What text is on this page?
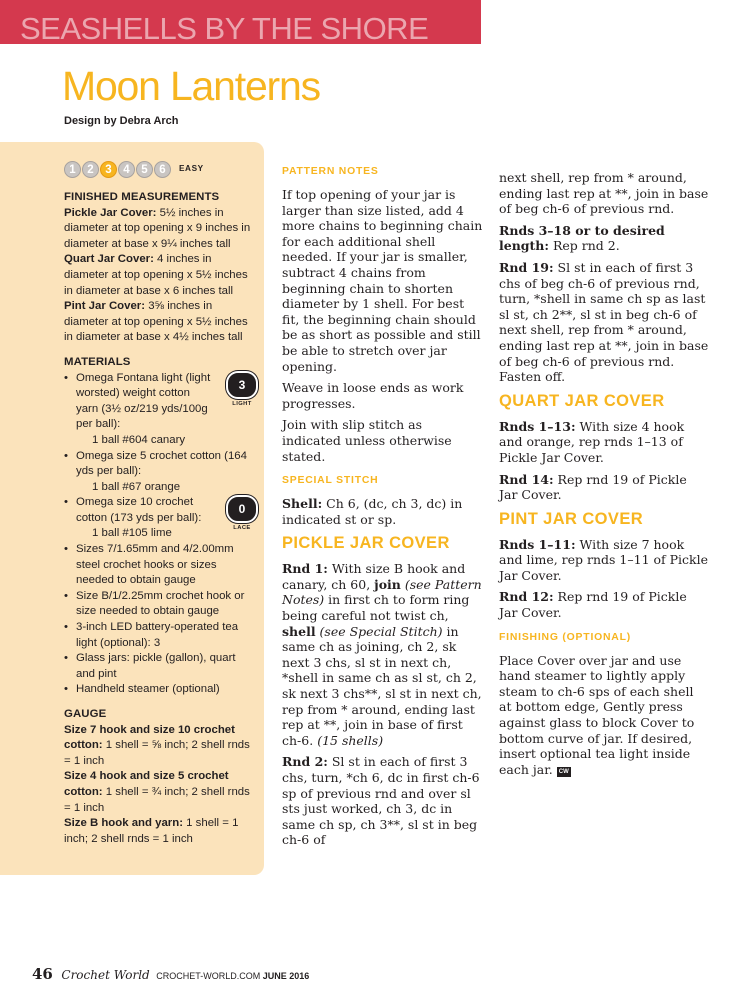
SEASHELLS BY THE SHORE
Moon Lanterns
Design by Debra Arch
1	2	3	4	5	6	EASY
FINISHED MEASUREMENTS

Pickle Jar Cover: 5½ inches in diameter at top opening x 9 inches in diameter at base x 9¼ inches tall

Quart Jar Cover: 4 inches in diameter at top opening x 5½ inches in diameter at base x 6 inches tall

Pint Jar Cover: 3⅝ inches in diameter at top opening x 5½ inches in diameter at base x 4½ inches tall

MATERIALS
• Omega Fontana light (light worsted) weight cotton yarn (3½ oz/219 yds/100g per ball):
3
LIGHT
1 ball #604 canary
• Omega size 5 crochet cotton (164 yds per ball):
1 ball #67 orange
• Omega size 10 crochet cotton (173 yds per ball):
0
LACE
1 ball #105 lime
• Sizes 7/1.65mm and 4/2.00mm steel crochet hooks or sizes needed to obtain gauge
• Size B/1/2.25mm crochet hook or size needed to obtain gauge
• 3-inch LED battery-operated tea light (optional): 3
• Glass jars: pickle (gallon), quart and pint
• Handheld steamer (optional)
GAUGE

Size 7 hook and size 10 crochet cotton: 1 shell = ⅝ inch; 2 shell rnds = 1 inch

Size 4 hook and size 5 crochet cotton: 1 shell = ¾ inch; 2 shell rnds = 1 inch

Size B hook and yarn: 1 shell = 1 inch; 2 shell rnds = 1 inch

PATTERN NOTES

If top opening of your jar is larger than size listed, add 4 more chains to beginning chain for each additional shell needed. If your jar is smaller, subtract 4 chains from beginning chain to shorten diameter by 1 shell. For best fit, the beginning chain should be as short as possible and still be able to stretch over jar opening.

Weave in loose ends as work progresses.

Join with slip stitch as indicated unless otherwise stated.

SPECIAL STITCH

Shell: Ch 6, (dc, ch 3, dc) in indicated st or sp.

PICKLE JAR COVER

Rnd 1: With size B hook and canary, ch 60, join (see Pattern Notes) in first ch to form ring being careful not twist ch, shell (see Special Stitch) in same ch as joining, ch 2, sk next 3 chs, sl st in next ch, *shell in same ch as sl st, ch 2, sk next 3 chs**, sl st in next ch, rep from * around, ending last rep at **, join in base of first ch-6. (15 shells)

Rnd 2: Sl st in each of first 3 chs, turn, *ch 6, dc in first ch-6 sp of previous rnd and over sl sts just worked, ch 3, dc in same ch sp, ch 3**, sl st in beg ch-6 of

next shell, rep from * around, ending last rep at **, join in base of beg ch-6 of previous rnd.

Rnds 3–18 or to desired length: Rep rnd 2.

Rnd 19: Sl st in each of first 3 chs of beg ch-6 of previous rnd, turn, *shell in same ch sp as last sl st, ch 2**, sl st in beg ch-6 of next shell, rep from * around, ending last rep at **, join in base of beg ch-6 of previous rnd. Fasten off.

QUART JAR COVER

Rnds 1–13: With size 4 hook and orange, rep rnds 1–13 of Pickle Jar Cover.

Rnd 14: Rep rnd 19 of Pickle Jar Cover.

PINT JAR COVER

Rnds 1–11: With size 7 hook and lime, rep rnds 1–11 of Pickle Jar Cover.

Rnd 12: Rep rnd 19 of Pickle Jar Cover.

FINISHING (OPTIONAL)

Place Cover over jar and use hand steamer to lightly apply steam to ch-6 sps of each shell at bottom edge, Gently press against glass to block Cover to bottom curve of jar. If desired, insert optional tea light inside each jar. CW

46 Crochet World CROCHET-WORLD.COM JUNE 2016
